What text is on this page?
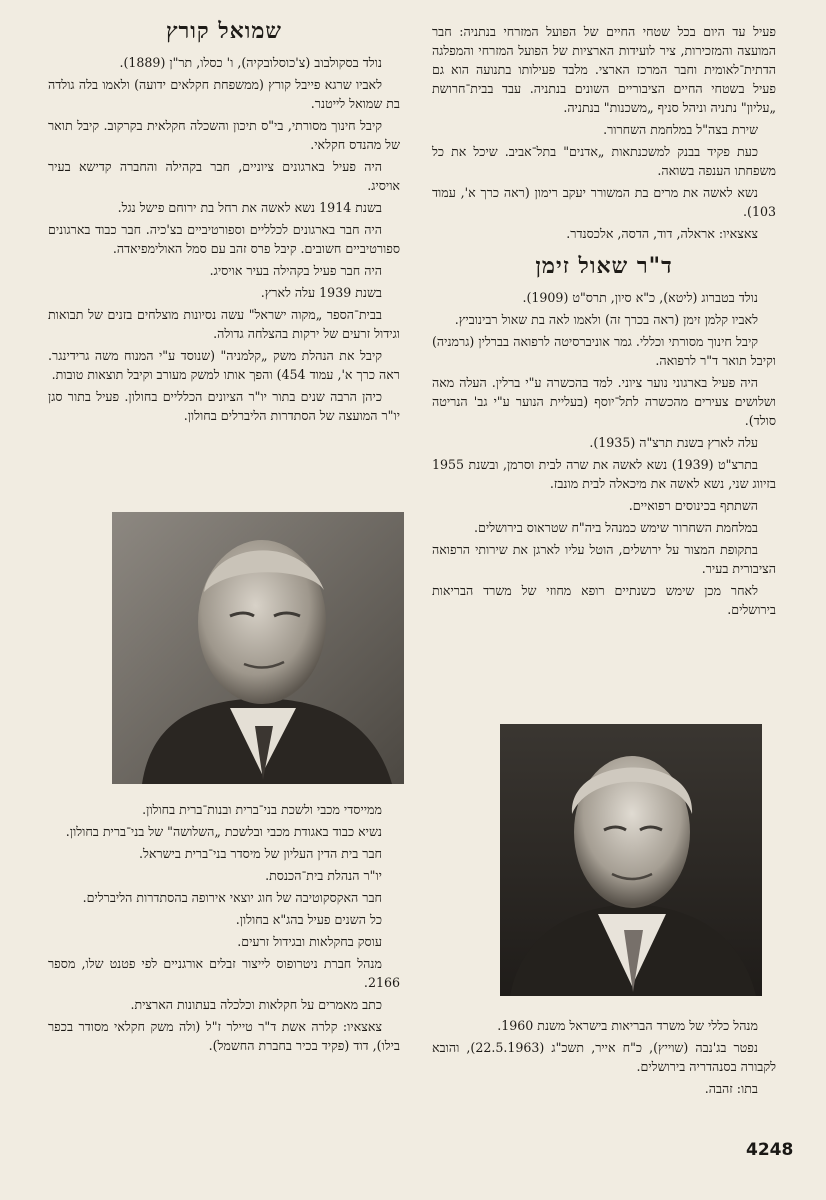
פעיל עד היום בכל שטחי החיים של הפועל המזרחי בנתניה: חבר המועצה והמזכירות, ציר לועידות הארציות של הפועל המזרחי והמפלגה הדתית־לאומית וחבר המרכז הארצי. מלבד פעילותו בתנועה הוא גם פעיל בשטחי החיים הציבוריים השונים בנתניה. עבד בבית־חרושת „עליון" נתניה וניהל סניף „משכנות" בנתניה.

שירת בצה"ל במלחמת השחרור.

כעת פקיד בבנק למשכנתאות „אדנים" בתל־אביב. שיכל את כל משפחתו הענפה בשואה.

נשא לאשה את מרים בת המשורר יעקב רימון (ראה כרך א', עמוד 103).

צאצאיו: אראלה, דוד, הדסה, אלכסנדר.

ד"ר שאול זימן

נולד בטברוג (ליטא), כ"א סיון, תרס"ט (1909).

לאביו קלמן זימן (ראה בכרך זה) ולאמו לאה בת שאול רבינוביץ.

קיבל חינוך מסורתי וכללי. גמר אוניברסיטה לרפואה בברלין (גרמניה) וקיבל תואר ד"ר לרפואה.

היה פעיל בארגוני נוער ציוני. למד בהכשרה ע"י ברלין. העלה מאה ושלושים צעירים מהכשרה לתל־יוסף (בעליית הנוער ע"י גב' הנריטה סולד).

עלה לארץ בשנת תרצ"ה (1935).

בתרצ"ט (1939) נשא לאשה את שרה לבית וסרמן, ובשנת 1955 בזיווג שני, נשא לאשה את מיכאלה לבית מונבז.

השתתף בכינוסים רפואיים.

במלחמת השחרור שימש כמנהל ביה"ח שטראוס בירושלים.

בתקופת המצור על ירושלים, הוטל עליו לארגן את שירותי הרפואה הציבורית בעיר.

לאחר מכן שימש כשנתיים רופא מחוזי של משרד הבריאות בירושלים.

שמואל קורץ

נולד בסקולבוב (צ'כוסלובקיה), ו' כסלו, תר"ן (1889).

לאביו שרגא פייבל קורץ (ממשפחת חקלאים ידועה) ולאמו בלה גולדה בת שמואל לייטנר.

קיבל חינוך מסורתי, בי"ס תיכון והשכלה חקלאית בקרקוב. קיבל תואר של מהנדס חקלאי.

היה פעיל בארגונים ציוניים, חבר בקהילה והחברה קדישא בעיר אויסיג.

בשנת 1914 נשא לאשה את רחל בת ירוחם פישל נגל.

היה חבר בארגונים לכלליים וספורטיביים בצ'כיה. חבר כבוד בארגונים ספורטיביים חשובים. קיבל פרס זהב עם סמל האולימפיאדה.

היה חבר פעיל בקהילה בעיר אויסיג.

בשנת 1939 עלה לארץ.

בבית־הספר „מקוה ישראל" עשה נסיונות מוצלחים בזנים של תבואות וגידול זרעים של ירקות בהצלחה גדולה.

קיבל את הנהלת משק „קלמניה" (שנוסד ע"י המנוח משה גרידינגר. ראה כרך א', עמוד 454) והפך אותו למשק מעורב וקיבל תוצאות טובות.

כיהן הרבה שנים בתור יו"ר הציונים הכלליים בחולון. פעיל בתור סגן יו"ר המועצה של הסתדרות הליברלים בחולון.

ממייסדי מכבי ולשכת בני־ברית ובנות־ברית בחולון.

נשיא כבוד באגודת מכבי ובלשכת „השלושה" של בני־ברית בחולון.

חבר בית הדין העליון של מיסדר בני־ברית בישראל.

יו"ר הנהלת בית־הכנסת.

חבר האקסקוטיבה של חוג יוצאי אירופה בהסתדרות הליברלים.

כל השנים פעיל בהג"א בחולון.

עוסק בחקלאות ובגידול זרעים.

מנהל חברת ניטרופוס לייצור זבלים אורגניים לפי פטנט שלו, מספר 2166.

כתב מאמרים על חקלאות וכלכלה בעתונות הארצית.

צאצאיו: קלרה אשת ד"ר טיילר ז"ל (ולה משק חקלאי מסודר בכפר בילו), דוד (פקיד בכיר בחברת החשמל).

מנהל כללי של משרד הבריאות בישראל משנת 1960.

נפטר בג'נבה (שוייץ), כ"ח אייר, תשכ"ג (22.5.1963), והובא לקבורה בסנהדריה בירושלים.

בתו: זהבה.

4248
